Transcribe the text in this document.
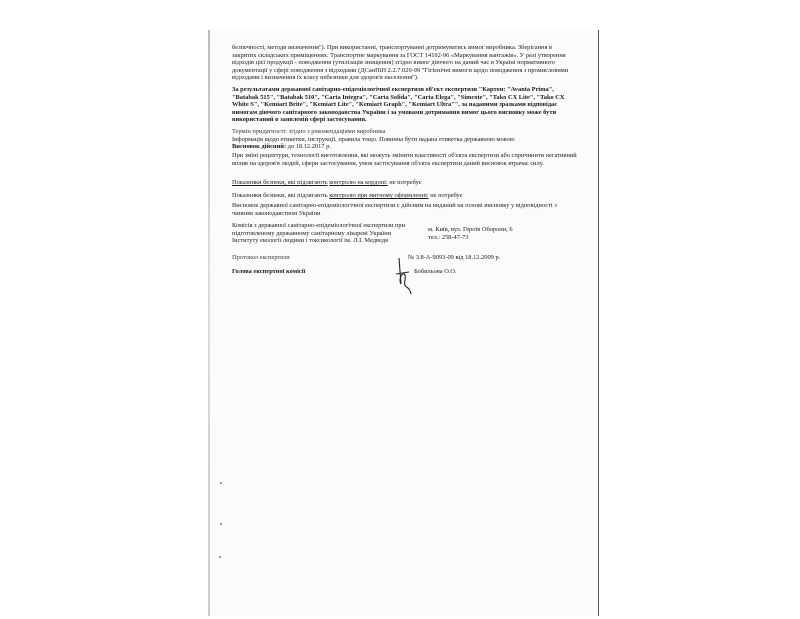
безпечності, методи визначення"). При використанні, транспортуванні дотримуватись вимог виробника. Зберігання в закритих складських приміщеннях. Транспортне маркування за ГОСТ 14192-96 «Маркування вантажів». У разі утворення відходів цієї продукції - поводження (утилізація знищення) згідно вимог діючого на даний час в Україні нормативного документації у сфері поводження з відходами (ДСанПіН 2.2.7.029-99 "Гігієнічні вимоги щодо поводження з промисловими відходами і визначення їх класу небезпеки для здоров'я населення").

За результатами державної санітарно-епідеміологічної експертизи об'єкт експертизи "Картон: "Avanta Prima", "Batabak 515", "Batabak 510", "Carta Integra", "Carta Solida", "Carta Elega", "Simcote", "Tako CX Lite", "Tako CX White S", "Kemiart Brite", "Kemiart Lite", "Kemiart Graph", "Kemiart Ultra"", за наданими зразками відповідає вимогам діючого санітарного законодавства України і за умовами дотримання вимог цього висновку може бути використаний в заявленій сфері застосування.

Термін придатності: згідно з рекомендаціями виробника

Інформація щодо етикетки, інструкції, правила тощо. Повинна бути надана етикетка державною мовою

Висновок дійсний: до 18.12.2017 р.

При зміні рецептури, технології виготовлення, які можуть змінити властивості об'єкта експертизи або спричинити негативний вплив на здоров'я людей, сфери застосування, умов застосування об'єкта експертизи даний висновок втрачає силу.

Показники безпеки, які підлягають контролю на кордоні: не потребує
Показники безпеки, які підлягають контролю при митному оформленні: не потребує

Висновок державної санітарно-епідеміологічної експертизи є дійсним на виданий на основі висновку у відповідності з чинним законодавством України

Комісія з державної санітарно-епідеміологічної експертизи при підготовленому державному санітарному лікарєві України Інституту екології людини і токсикології ім. Л.І. Медведя

м. Київ, вул. Героїв Оборони, 6
тел.: 258-47-73
Протокол експертизи	№ 3.8-А-9093-09 від 18.12.2009 р.
Голова експертної комісії	Бобильова О.О.
